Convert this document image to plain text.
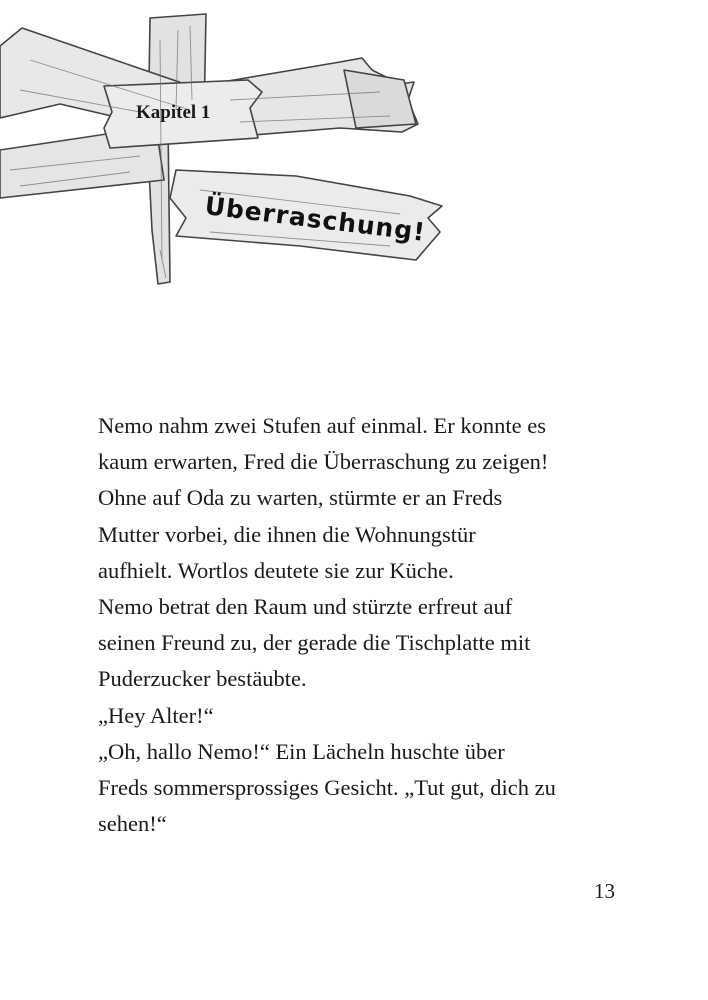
Kapitel 1
Überraschung!

Nemo nahm zwei Stufen auf einmal. Er konnte es

kaum erwarten, Fred die Überraschung zu zeigen!

Ohne auf Oda zu warten, stürmte er an Freds

Mutter vorbei, die ihnen die Wohnungstür

aufhielt. Wortlos deutete sie zur Küche.

Nemo betrat den Raum und stürzte erfreut auf

seinen Freund zu, der gerade die Tischplatte mit

Puderzucker bestäubte.

„Hey Alter!“

„Oh, hallo Nemo!“ Ein Lächeln huschte über

Freds sommersprossiges Gesicht. „Tut gut, dich zu

sehen!“

13
